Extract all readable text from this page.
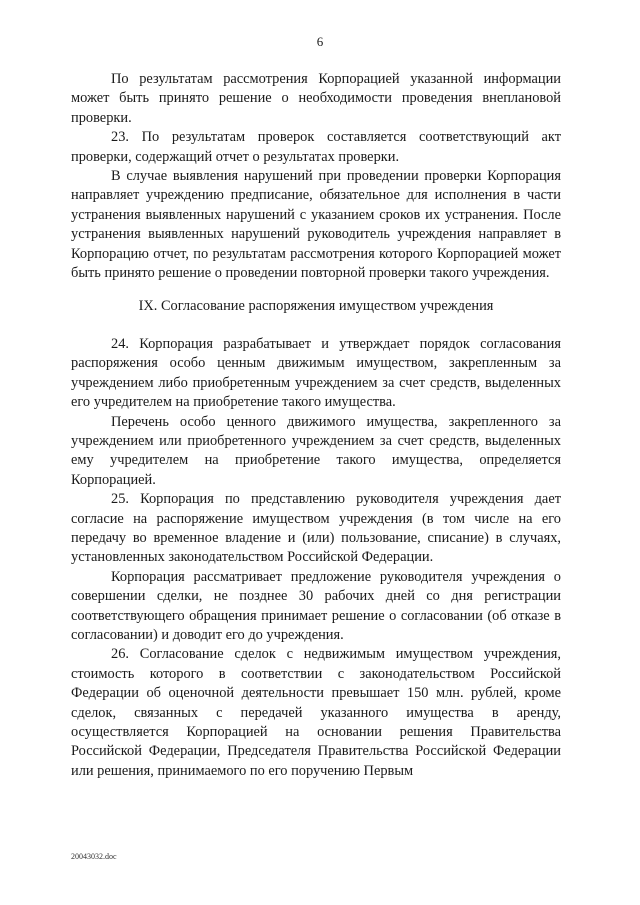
6

По результатам рассмотрения Корпорацией указанной информации может быть принято решение о необходимости проведения внеплановой проверки.

23. По результатам проверок составляется соответствующий акт проверки, содержащий отчет о результатах проверки.

В случае выявления нарушений при проведении проверки Корпорация направляет учреждению предписание, обязательное для исполнения в части устранения выявленных нарушений с указанием сроков их устранения. После устранения выявленных нарушений руководитель учреждения направляет в Корпорацию отчет, по результатам рассмотрения которого Корпорацией может быть принято решение о проведении повторной проверки такого учреждения.

IX. Согласование распоряжения имуществом учреждения

24. Корпорация разрабатывает и утверждает порядок согласования распоряжения особо ценным движимым имуществом, закрепленным за учреждением либо приобретенным учреждением за счет средств, выделенных его учредителем на приобретение такого имущества.

Перечень особо ценного движимого имущества, закрепленного за учреждением или приобретенного учреждением за счет средств, выделенных ему учредителем на приобретение такого имущества, определяется Корпорацией.

25. Корпорация по представлению руководителя учреждения дает согласие на распоряжение имуществом учреждения (в том числе на его передачу во временное владение и (или) пользование, списание) в случаях, установленных законодательством Российской Федерации.

Корпорация рассматривает предложение руководителя учреждения о совершении сделки, не позднее 30 рабочих дней со дня регистрации соответствующего обращения принимает решение о согласовании (об отказе в согласовании) и доводит его до учреждения.

26. Согласование сделок с недвижимым имуществом учреждения, стоимость которого в соответствии с законодательством Российской Федерации об оценочной деятельности превышает 150 млн. рублей, кроме сделок, связанных с передачей указанного имущества в аренду, осуществляется Корпорацией на основании решения Правительства Российской Федерации, Председателя Правительства Российской Федерации или решения, принимаемого по его поручению Первым

20043032.doc
